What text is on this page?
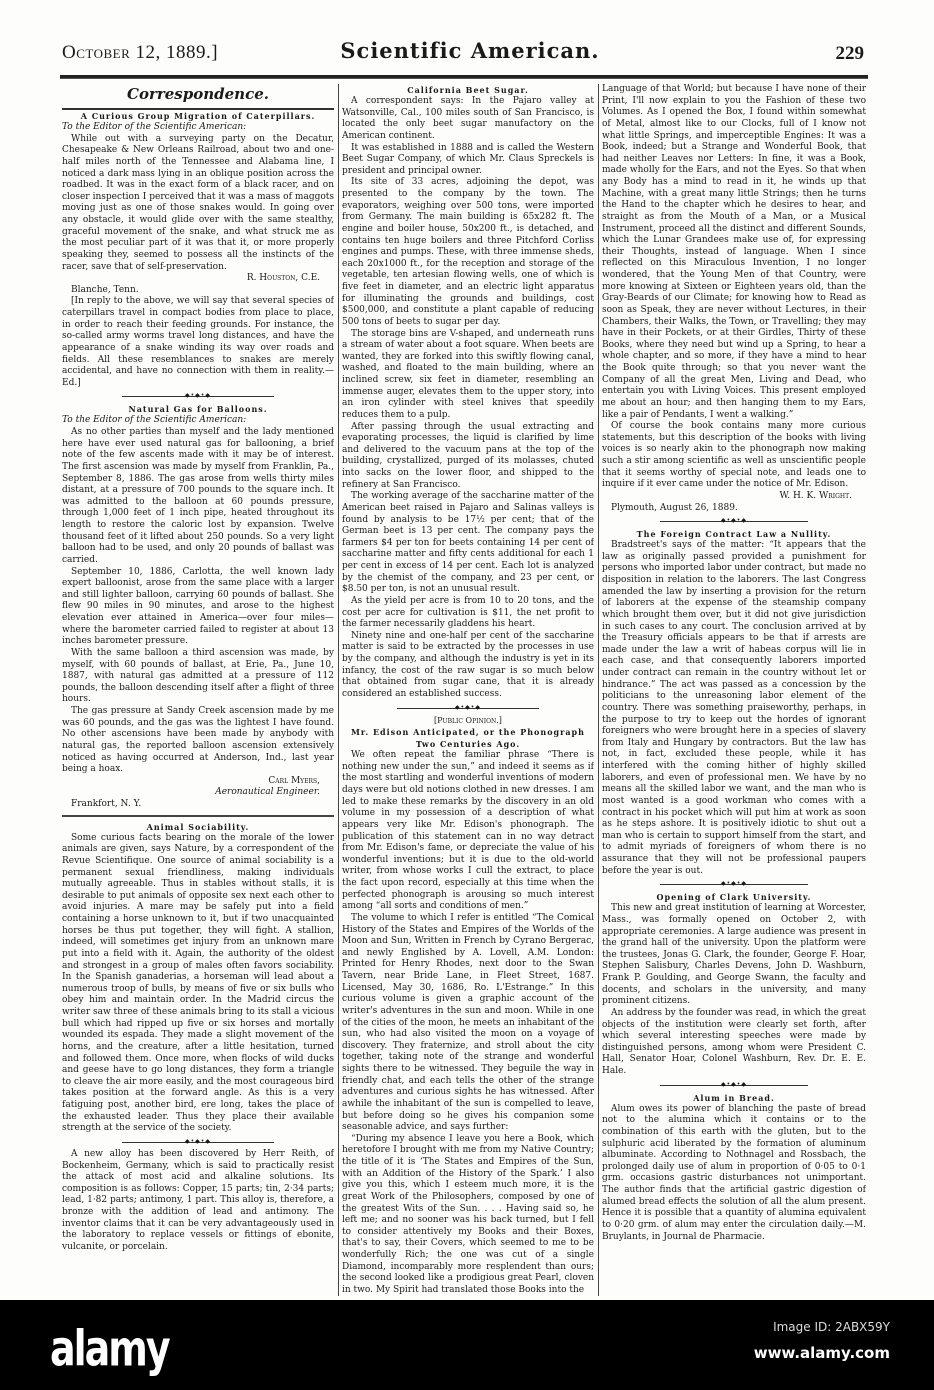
October 12, 1889.]	Scientific American.	229

Correspondence.

A Curious Group Migration of Caterpillars.

To the Editor of the Scientific American:

While out with a surveying party on the Decatur, Chesapeake & New Orleans Railroad, about two and one-half miles north of the Tennessee and Alabama line, I noticed a dark mass lying in an oblique position across the roadbed. It was in the exact form of a black racer, and on closer inspection I perceived that it was a mass of maggots moving just as one of those snakes would. In going over any obstacle, it would glide over with the same stealthy, graceful movement of the snake, and what struck me as the most peculiar part of it was that it, or more properly speaking they, seemed to possess all the instincts of the racer, save that of self-preservation.

R. Houston, C.E.

Blanche, Tenn.

[In reply to the above, we will say that several species of caterpillars travel in compact bodies from place to place, in order to reach their feeding grounds. For instance, the so-called army worms travel long distances, and have the appearance of a snake winding its way over roads and fields. All these resemblances to snakes are merely accidental, and have no connection with them in reality.—Ed.]

◆•◆•◆

Natural Gas for Balloons.

To the Editor of the Scientific American:

As no other parties than myself and the lady mentioned here have ever used natural gas for ballooning, a brief note of the few ascents made with it may be of interest. The first ascension was made by myself from Franklin, Pa., September 8, 1886. The gas arose from wells thirty miles distant, at a pressure of 700 pounds to the square inch. It was admitted to the balloon at 60 pounds pressure, through 1,000 feet of 1 inch pipe, heated throughout its length to restore the caloric lost by expansion. Twelve thousand feet of it lifted about 250 pounds. So a very light balloon had to be used, and only 20 pounds of ballast was carried.

September 10, 1886, Carlotta, the well known lady expert balloonist, arose from the same place with a larger and still lighter balloon, carrying 60 pounds of ballast. She flew 90 miles in 90 minutes, and arose to the highest elevation ever attained in America—over four miles—where the barometer carried failed to register at about 13 inches barometer pressure.

With the same balloon a third ascension was made, by myself, with 60 pounds of ballast, at Erie, Pa., June 10, 1887, with natural gas admitted at a pressure of 112 pounds, the balloon descending itself after a flight of three hours.

The gas pressure at Sandy Creek ascension made by me was 60 pounds, and the gas was the lightest I have found. No other ascensions have been made by anybody with natural gas, the reported balloon ascension extensively noticed as having occurred at Anderson, Ind., last year being a hoax.

Carl Myers,

Aeronautical Engineer.

Frankfort, N. Y.

Animal Sociability.

Some curious facts bearing on the morale of the lower animals are given, says Nature, by a correspondent of the Revue Scientifique. One source of animal sociability is a permanent sexual friendliness, making individuals mutually agreeable. Thus in stables without stalls, it is desirable to put animals of opposite sex next each other to avoid injuries. A mare may be safely put into a field containing a horse unknown to it, but if two unacquainted horses be thus put together, they will fight. A stallion, indeed, will sometimes get injury from an unknown mare put into a field with it. Again, the authority of the oldest and strongest in a group of males often favors sociability. In the Spanish ganaderias, a horseman will lead about a numerous troop of bulls, by means of five or six bulls who obey him and maintain order. In the Madrid circus the writer saw three of these animals bring to its stall a vicious bull which had ripped up five or six horses and mortally wounded its espada. They made a slight movement of the horns, and the creature, after a little hesitation, turned and followed them. Once more, when flocks of wild ducks and geese have to go long distances, they form a triangle to cleave the air more easily, and the most courageous bird takes position at the forward angle. As this is a very fatiguing post, another bird, ere long, takes the place of the exhausted leader. Thus they place their available strength at the service of the society.

◆•◆•◆

A new alloy has been discovered by Herr Reith, of Bockenheim, Germany, which is said to practically resist the attack of most acid and alkaline solutions. Its composition is as follows: Copper, 15 parts; tin, 2·34 parts; lead, 1·82 parts; antimony, 1 part. This alloy is, therefore, a bronze with the addition of lead and antimony. The inventor claims that it can be very advantageously used in the laboratory to replace vessels or fittings of ebonite, vulcanite, or porcelain.

California Beet Sugar.

A correspondent says: In the Pajaro valley at Watsonville, Cal., 100 miles south of San Francisco, is located the only beet sugar manufactory on the American continent.

It was established in 1888 and is called the Western Beet Sugar Company, of which Mr. Claus Spreckels is president and principal owner.

Its site of 33 acres, adjoining the depot, was presented to the company by the town. The evaporators, weighing over 500 tons, were imported from Germany. The main building is 65x282 ft. The engine and boiler house, 50x200 ft., is detached, and contains ten huge boilers and three Pitchford Corliss engines and pumps. These, with three immense sheds, each 20x1000 ft., for the reception and storage of the vegetable, ten artesian flowing wells, one of which is five feet in diameter, and an electric light apparatus for illuminating the grounds and buildings, cost $500,000, and constitute a plant capable of reducing 500 tons of beets to sugar per day.

The storage bins are V-shaped, and underneath runs a stream of water about a foot square. When beets are wanted, they are forked into this swiftly flowing canal, washed, and floated to the main building, where an inclined screw, six feet in diameter, resembling an immense auger, elevates them to the upper story, into an iron cylinder with steel knives that speedily reduces them to a pulp.

After passing through the usual extracting and evaporating processes, the liquid is clarified by lime and delivered to the vacuum pans at the top of the building, crystallized, purged of its molasses, chuted into sacks on the lower floor, and shipped to the refinery at San Francisco.

The working average of the saccharine matter of the American beet raised in Pajaro and Salinas valleys is found by analysis to be 17½ per cent; that of the German beet is 13 per cent. The company pays the farmers $4 per ton for beets containing 14 per cent of saccharine matter and fifty cents additional for each 1 per cent in excess of 14 per cent. Each lot is analyzed by the chemist of the company, and 23 per cent, or $8.50 per ton, is not an unusual result.

As the yield per acre is from 10 to 20 tons, and the cost per acre for cultivation is $11, the net profit to the farmer necessarily gladdens his heart.

Ninety nine and one-half per cent of the saccharine matter is said to be extracted by the processes in use by the company, and although the industry is yet in its infancy, the cost of the raw sugar is so much below that obtained from sugar cane, that it is already considered an established success.

◆•◆•◆

[Public Opinion.]

Mr. Edison Anticipated, or the Phonograph Two Centuries Ago.

We often repeat the familiar phrase “There is nothing new under the sun,” and indeed it seems as if the most startling and wonderful inventions of modern days were but old notions clothed in new dresses. I am led to make these remarks by the discovery in an old volume in my possession of a description of what appears very like Mr. Edison's phonograph. The publication of this statement can in no way detract from Mr. Edison's fame, or depreciate the value of his wonderful inventions; but it is due to the old-world writer, from whose works I cull the extract, to place the fact upon record, especially at this time when the perfected phonograph is arousing so much interest among “all sorts and conditions of men.”

The volume to which I refer is entitled “The Comical History of the States and Empires of the Worlds of the Moon and Sun, Written in French by Cyrano Bergerac, and newly Englished by A. Lovell, A.M. London: Printed for Henry Rhodes, next door to the Swan Tavern, near Bride Lane, in Fleet Street, 1687. Licensed, May 30, 1686, Ro. L'Estrange.” In this curious volume is given a graphic account of the writer's adventures in the sun and moon. While in one of the cities of the moon, he meets an inhabitant of the sun, who had also visited the moon on a voyage of discovery. They fraternize, and stroll about the city together, taking note of the strange and wonderful sights there to be witnessed. They beguile the way in friendly chat, and each tells the other of the strange adventures and curious sights he has witnessed. After awhile the inhabitant of the sun is compelled to leave, but before doing so he gives his companion some seasonable advice, and says further:

“During my absence I leave you here a Book, which heretofore I brought with me from my Native Country; the title of it is ‘The States and Empires of the Sun, with an Addition of the History of the Spark.’ I also give you this, which I esteem much more, it is the great Work of the Philosophers, composed by one of the greatest Wits of the Sun. . . . Having said so, he left me; and no sooner was his back turned, but I fell to consider attentively my Books and their Boxes, that's to say, their Covers, which seemed to me to be wonderfully Rich; the one was cut of a single Diamond, incomparably more resplendent than ours; the second looked like a prodigious great Pearl, cloven in two. My Spirit had translated those Books into the

Language of that World; but because I have none of their Print, I'll now explain to you the Fashion of these two Volumes. As I opened the Box, I found within somewhat of Metal, almost like to our Clocks, full of I know not what little Springs, and imperceptible Engines: It was a Book, indeed; but a Strange and Wonderful Book, that had neither Leaves nor Letters: In fine, it was a Book, made wholly for the Ears, and not the Eyes. So that when any Body has a mind to read in it, he winds up that Machine, with a great many little Strings; then he turns the Hand to the chapter which he desires to hear, and straight as from the Mouth of a Man, or a Musical Instrument, proceed all the distinct and different Sounds, which the Lunar Grandees make use of, for expressing their Thoughts, instead of language. When I since reflected on this Miraculous Invention, I no longer wondered, that the Young Men of that Country, were more knowing at Sixteen or Eighteen years old, than the Gray-Beards of our Climate; for knowing how to Read as soon as Speak, they are never without Lectures, in their Chambers, their Walks, the Town, or Travelling; they may have in their Pockets, or at their Girdles, Thirty of these Books, where they need but wind up a Spring, to hear a whole chapter, and so more, if they have a mind to hear the Book quite through; so that you never want the Company of all the great Men, Living and Dead, who entertain you with Living Voices. This present employed me about an hour; and then hanging them to my Ears, like a pair of Pendants, I went a walking.”

Of course the book contains many more curious statements, but this description of the books with living voices is so nearly akin to the phonograph now making such a stir among scientific as well as unscientific people that it seems worthy of special note, and leads one to inquire if it ever came under the notice of Mr. Edison.

W. H. K. Wright.

Plymouth, August 26, 1889.

◆•◆•◆

The Foreign Contract Law a Nullity.

Bradstreet's says of the matter: “It appears that the law as originally passed provided a punishment for persons who imported labor under contract, but made no disposition in relation to the laborers. The last Congress amended the law by inserting a provision for the return of laborers at the expense of the steamship company which brought them over, but it did not give jurisdiction in such cases to any court. The conclusion arrived at by the Treasury officials appears to be that if arrests are made under the law a writ of habeas corpus will lie in each case, and that consequently laborers imported under contract can remain in the country without let or hindrance.” The act was passed as a concession by the politicians to the unreasoning labor element of the country. There was something praiseworthy, perhaps, in the purpose to try to keep out the hordes of ignorant foreigners who were brought here in a species of slavery from Italy and Hungary by contractors. But the law has not, in fact, excluded these people, while it has interfered with the coming hither of highly skilled laborers, and even of professional men. We have by no means all the skilled labor we want, and the man who is most wanted is a good workman who comes with a contract in his pocket which will put him at work as soon as he steps ashore. It is positively idiotic to shut out a man who is certain to support himself from the start, and to admit myriads of foreigners of whom there is no assurance that they will not be professional paupers before the year is out.

◆•◆•◆

Opening of Clark University.

This new and great institution of learning at Worcester, Mass., was formally opened on October 2, with appropriate ceremonies. A large audience was present in the grand hall of the university. Upon the platform were the trustees, Jonas G. Clark, the founder, George F. Hoar, Stephen Salisbury, Charles Devens, John D. Washburn, Frank P. Goulding, and George Swann, the faculty and docents, and scholars in the university, and many prominent citizens.

An address by the founder was read, in which the great objects of the institution were clearly set forth, after which several interesting speeches were made by distinguished persons, among whom were President C. Hall, Senator Hoar, Colonel Washburn, Rev. Dr. E. E. Hale.

◆•◆•◆

Alum in Bread.

Alum owes its power of blanching the paste of bread not to the alumina which it contains or to the combination of this earth with the gluten, but to the sulphuric acid liberated by the formation of aluminum albuminate. According to Nothnagel and Rossbach, the prolonged daily use of alum in proportion of 0·05 to 0·1 grm. occasions gastric disturbances not unimportant. The author finds that the artificial gastric digestion of alumed bread effects the solution of all the alum present. Hence it is possible that a quantity of alumina equivalent to 0·20 grm. of alum may enter the circulation daily.—M. Bruylants, in Journal de Pharmacie.

alamy	Image ID: 2ABX59Y
www.alamy.com
